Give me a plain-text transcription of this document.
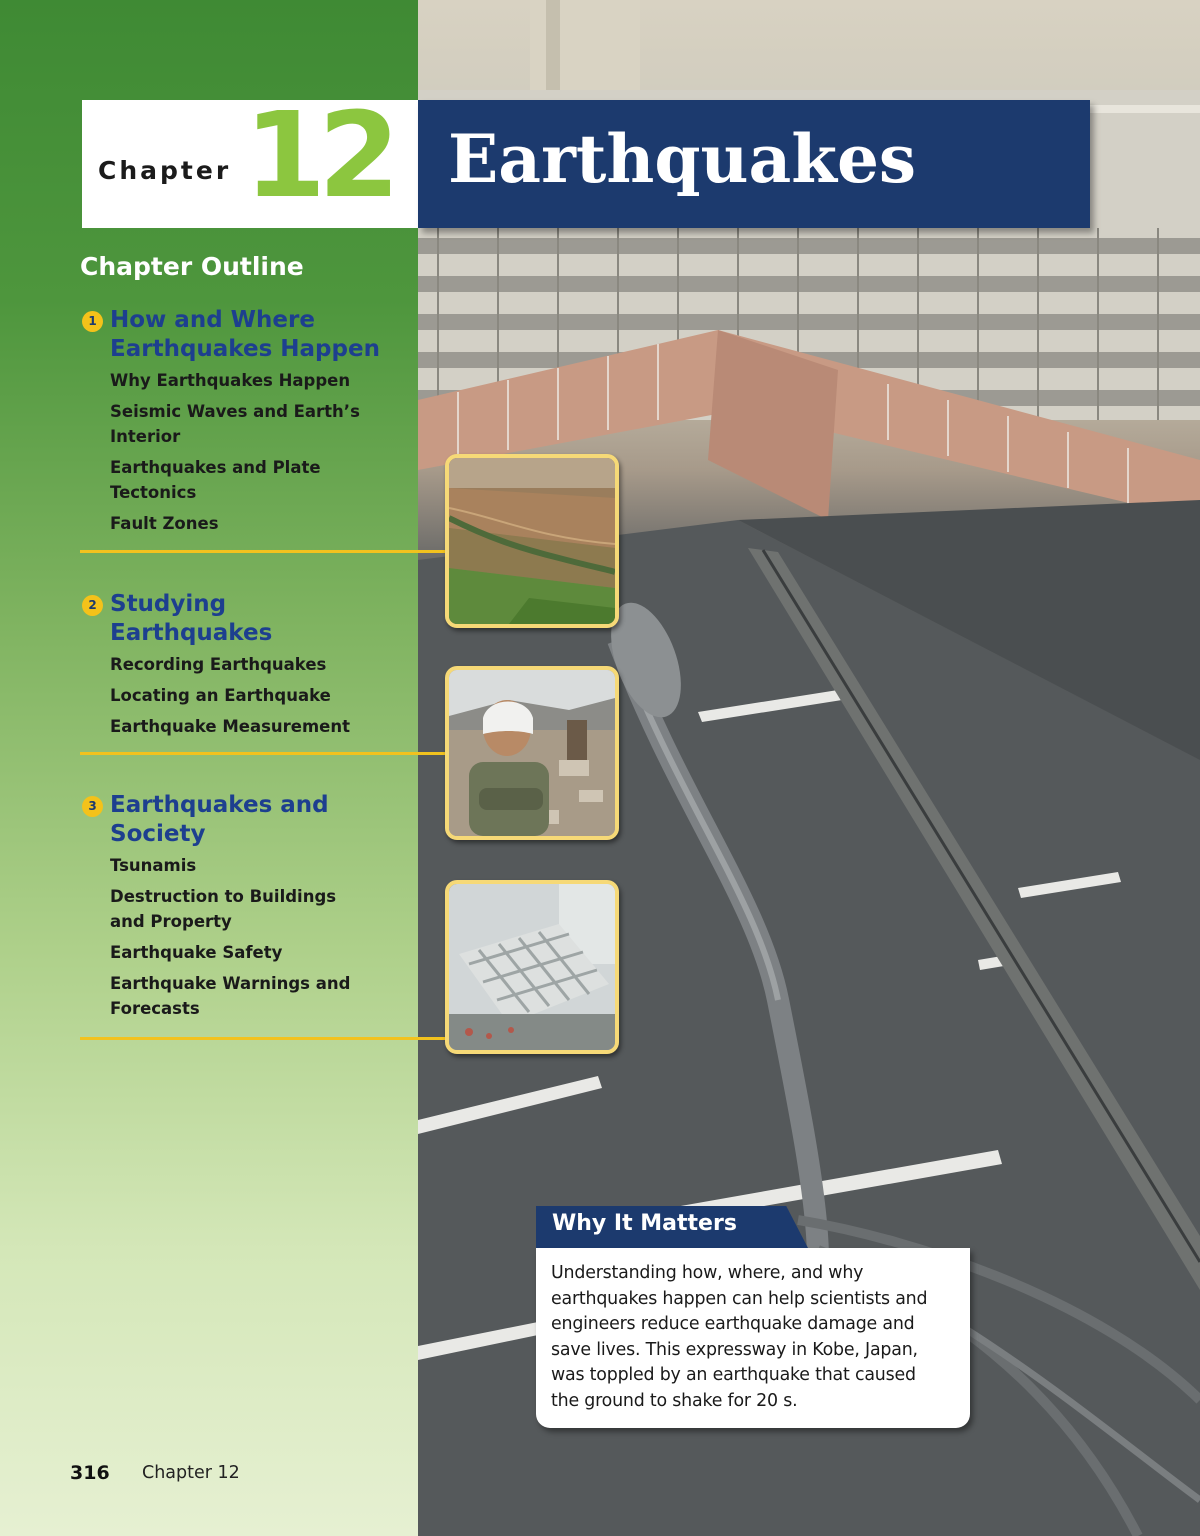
Chapter 12 Earthquakes
Chapter Outline
1 How and Where
Earthquakes Happen
Why Earthquakes Happen
Seismic Waves and Earth’s
Interior
Earthquakes and Plate
Tectonics
Fault Zones
2 Studying
Earthquakes
Recording Earthquakes
Locating an Earthquake
Earthquake Measurement
3 Earthquakes and
Society
Tsunamis
Destruction to Buildings
and Property
Earthquake Safety
Earthquake Warnings and
Forecasts
Why It Matters
Understanding how, where, and why
earthquakes happen can help scientists and
engineers reduce earthquake damage and
save lives. This expressway in Kobe, Japan,
was toppled by an earthquake that caused
the ground to shake for 20 s.
316 Chapter 12
